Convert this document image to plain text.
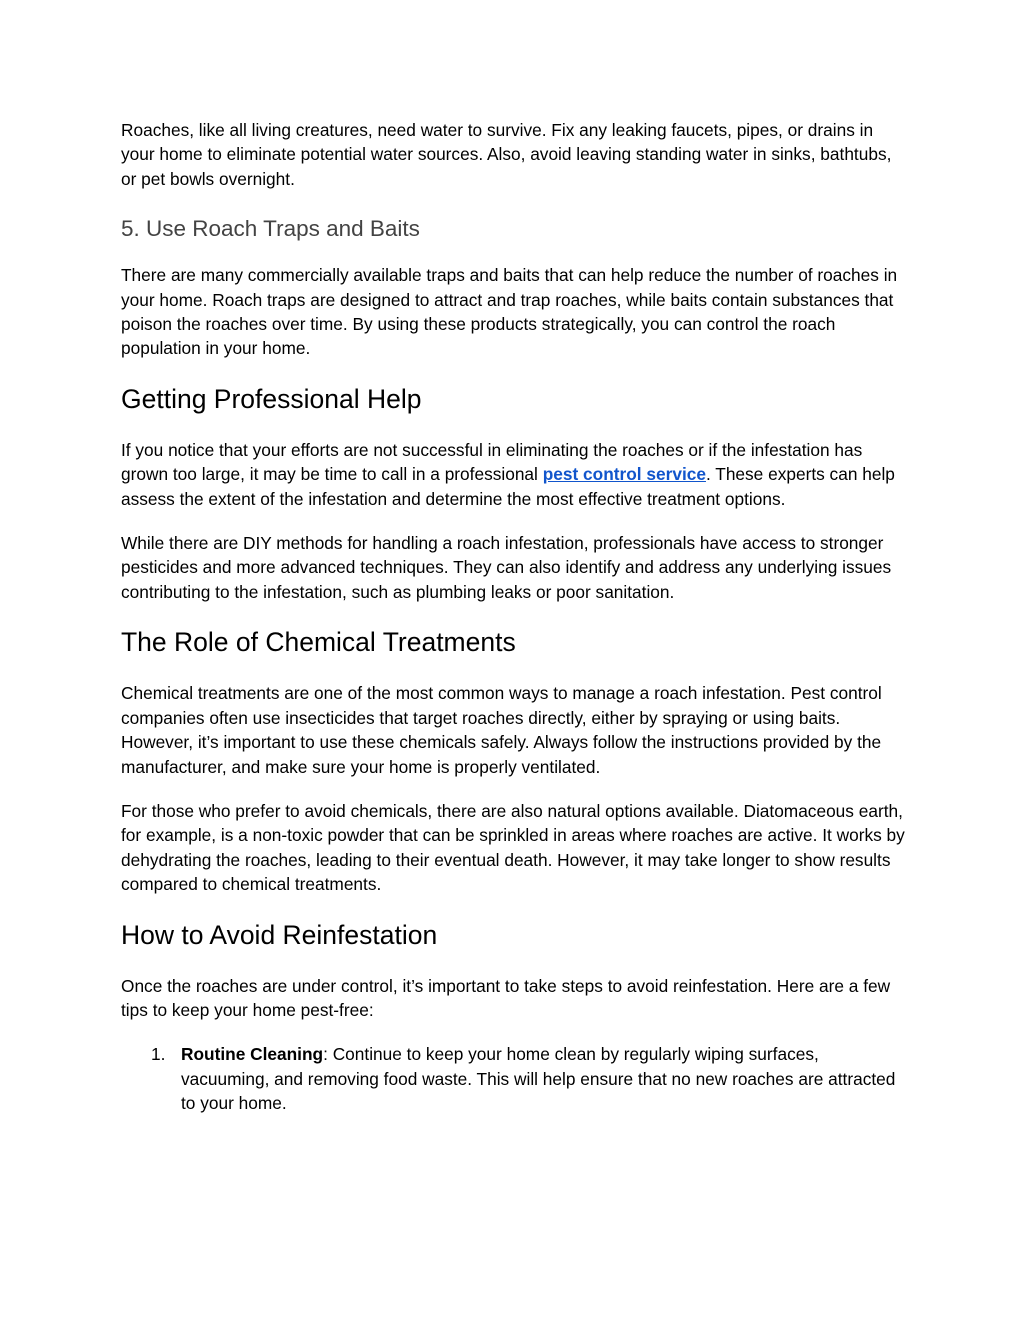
Roaches, like all living creatures, need water to survive. Fix any leaking faucets, pipes, or drains in your home to eliminate potential water sources. Also, avoid leaving standing water in sinks, bathtubs, or pet bowls overnight.

5. Use Roach Traps and Baits

There are many commercially available traps and baits that can help reduce the number of roaches in your home. Roach traps are designed to attract and trap roaches, while baits contain substances that poison the roaches over time. By using these products strategically, you can control the roach population in your home.

Getting Professional Help

If you notice that your efforts are not successful in eliminating the roaches or if the infestation has grown too large, it may be time to call in a professional pest control service. These experts can help assess the extent of the infestation and determine the most effective treatment options.

While there are DIY methods for handling a roach infestation, professionals have access to stronger pesticides and more advanced techniques. They can also identify and address any underlying issues contributing to the infestation, such as plumbing leaks or poor sanitation.

The Role of Chemical Treatments

Chemical treatments are one of the most common ways to manage a roach infestation. Pest control companies often use insecticides that target roaches directly, either by spraying or using baits. However, it’s important to use these chemicals safely. Always follow the instructions provided by the manufacturer, and make sure your home is properly ventilated.

For those who prefer to avoid chemicals, there are also natural options available. Diatomaceous earth, for example, is a non-toxic powder that can be sprinkled in areas where roaches are active. It works by dehydrating the roaches, leading to their eventual death. However, it may take longer to show results compared to chemical treatments.

How to Avoid Reinfestation

Once the roaches are under control, it’s important to take steps to avoid reinfestation. Here are a few tips to keep your home pest-free:

1. Routine Cleaning: Continue to keep your home clean by regularly wiping surfaces, vacuuming, and removing food waste. This will help ensure that no new roaches are attracted to your home.
